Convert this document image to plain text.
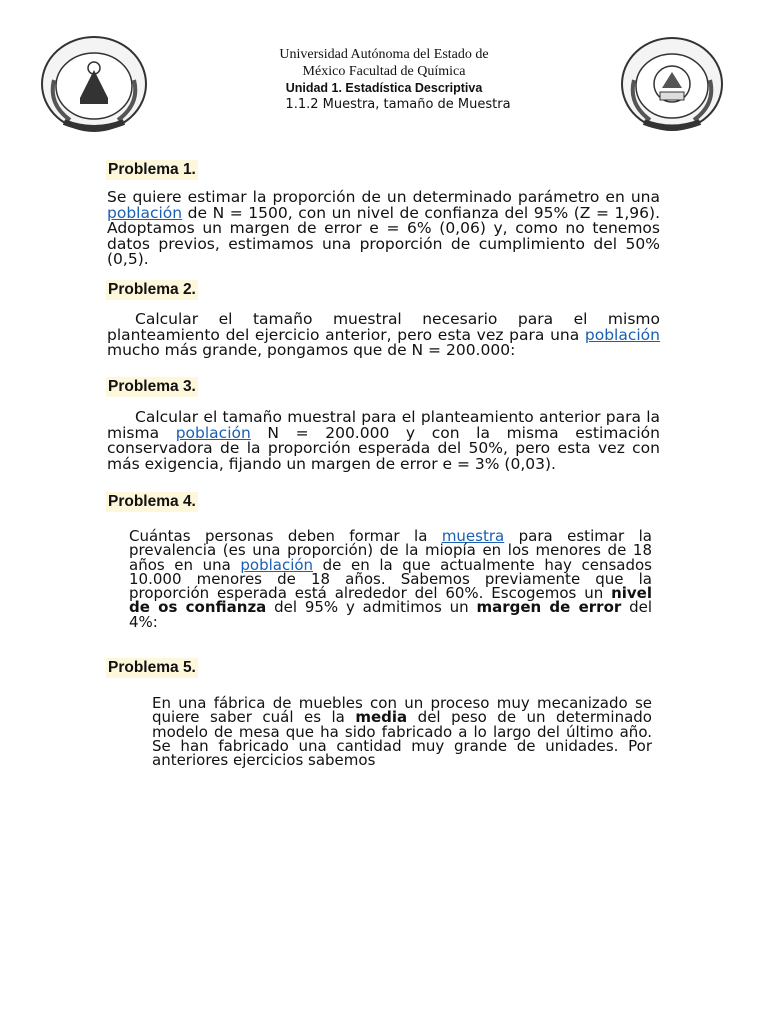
Universidad Autónoma del Estado de
México Facultad de Química
Unidad 1. Estadística Descriptiva
1.1.2 Muestra, tamaño de Muestra
Problema 1.
Se quiere estimar la proporción de un determinado parámetro en una población de N = 1500, con un nivel de confianza del 95% (Z = 1,96). Adoptamos un margen de error e = 6% (0,06) y, como no tenemos datos previos, estimamos una proporción de cumplimiento del 50% (0,5).
Problema 2.
Calcular el tamaño muestral necesario para el mismo planteamiento del ejercicio anterior, pero esta vez para una población mucho más grande, pongamos que de N = 200.000:
Problema 3.
Calcular el tamaño muestral para el planteamiento anterior para la misma población N = 200.000 y con la misma estimación conservadora de la proporción esperada del 50%, pero esta vez con más exigencia, fijando un margen de error e = 3% (0,03).
Problema 4.
Cuántas personas deben formar la muestra para estimar la prevalencia (es una proporción) de la miopía en los menores de 18 años en una población de en la que actualmente hay censados 10.000 menores de 18 años. Sabemos previamente que la proporción esperada está alrededor del 60%. Escogemos un nivel de os confianza del 95% y admitimos un margen de error del 4%:
Problema 5.
En una fábrica de muebles con un proceso muy mecanizado se quiere saber cuál es la media del peso de un determinado modelo de mesa que ha sido fabricado a lo largo del último año. Se han fabricado una cantidad muy grande de unidades. Por anteriores ejercicios sabemos
